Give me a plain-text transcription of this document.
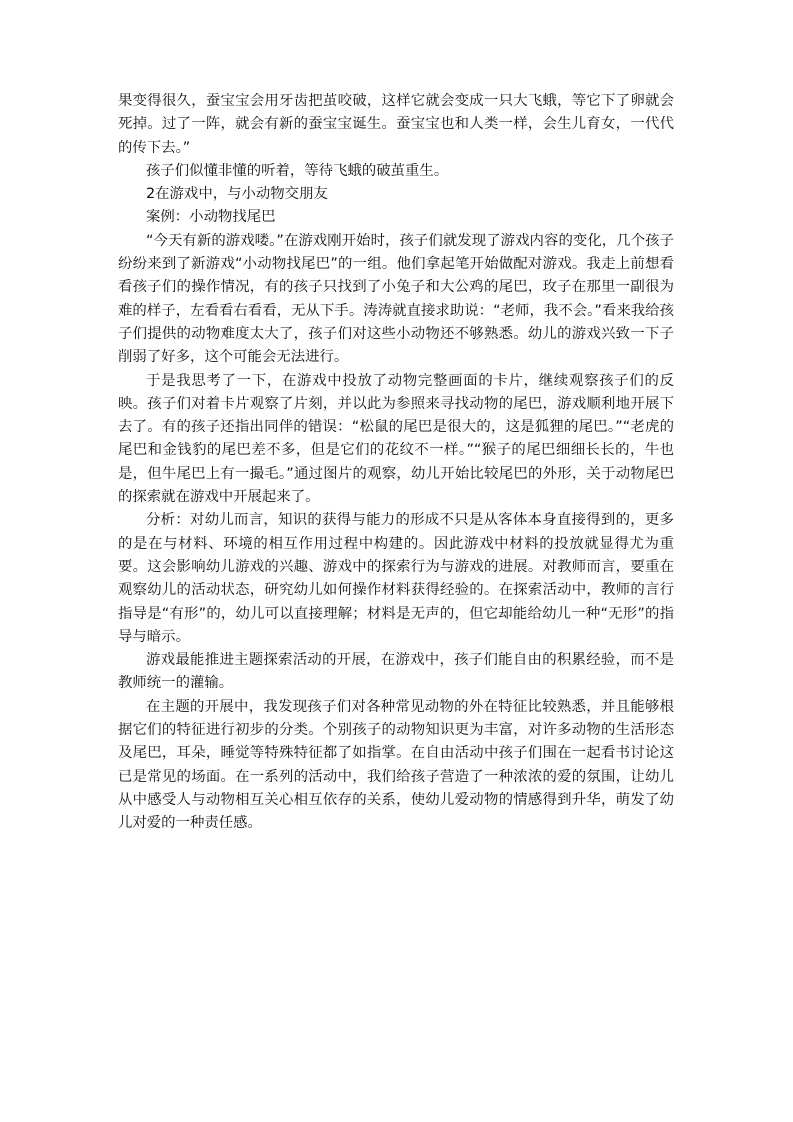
果变得很久，蚕宝宝会用牙齿把茧咬破，这样它就会变成一只大飞蛾，等它下了卵就会死掉。过了一阵，就会有新的蚕宝宝诞生。蚕宝宝也和人类一样，会生儿育女，一代代的传下去。”

孩子们似懂非懂的听着，等待飞蛾的破茧重生。

2在游戏中，与小动物交朋友

案例：小动物找尾巴

“今天有新的游戏喽。”在游戏刚开始时，孩子们就发现了游戏内容的变化，几个孩子纷纷来到了新游戏“小动物找尾巴”的一组。他们拿起笔开始做配对游戏。我走上前想看看孩子们的操作情况，有的孩子只找到了小兔子和大公鸡的尾巴，玫子在那里一副很为难的样子，左看看右看看，无从下手。涛涛就直接求助说：“老师，我不会。”看来我给孩子们提供的动物难度太大了，孩子们对这些小动物还不够熟悉。幼儿的游戏兴致一下子削弱了好多，这个可能会无法进行。

于是我思考了一下，在游戏中投放了动物完整画面的卡片，继续观察孩子们的反映。孩子们对着卡片观察了片刻，并以此为参照来寻找动物的尾巴，游戏顺利地开展下去了。有的孩子还指出同伴的错误：“松鼠的尾巴是很大的，这是狐狸的尾巴。”“老虎的尾巴和金钱豹的尾巴差不多，但是它们的花纹不一样。”“猴子的尾巴细细长长的，牛也是，但牛尾巴上有一撮毛。”通过图片的观察，幼儿开始比较尾巴的外形，关于动物尾巴的探索就在游戏中开展起来了。

分析：对幼儿而言，知识的获得与能力的形成不只是从客体本身直接得到的，更多的是在与材料、环境的相互作用过程中构建的。因此游戏中材料的投放就显得尤为重要。这会影响幼儿游戏的兴趣、游戏中的探索行为与游戏的进展。对教师而言，要重在观察幼儿的活动状态，研究幼儿如何操作材料获得经验的。在探索活动中，教师的言行指导是“有形”的，幼儿可以直接理解；材料是无声的，但它却能给幼儿一种“无形”的指导与暗示。

游戏最能推进主题探索活动的开展，在游戏中，孩子们能自由的积累经验，而不是教师统一的灌输。

在主题的开展中，我发现孩子们对各种常见动物的外在特征比较熟悉，并且能够根据它们的特征进行初步的分类。个别孩子的动物知识更为丰富，对许多动物的生活形态及尾巴，耳朵，睡觉等特殊特征都了如指掌。在自由活动中孩子们围在一起看书讨论这已是常见的场面。在一系列的活动中，我们给孩子营造了一种浓浓的爱的氛围，让幼儿从中感受人与动物相互关心相互依存的关系，使幼儿爱动物的情感得到升华，萌发了幼儿对爱的一种责任感。
